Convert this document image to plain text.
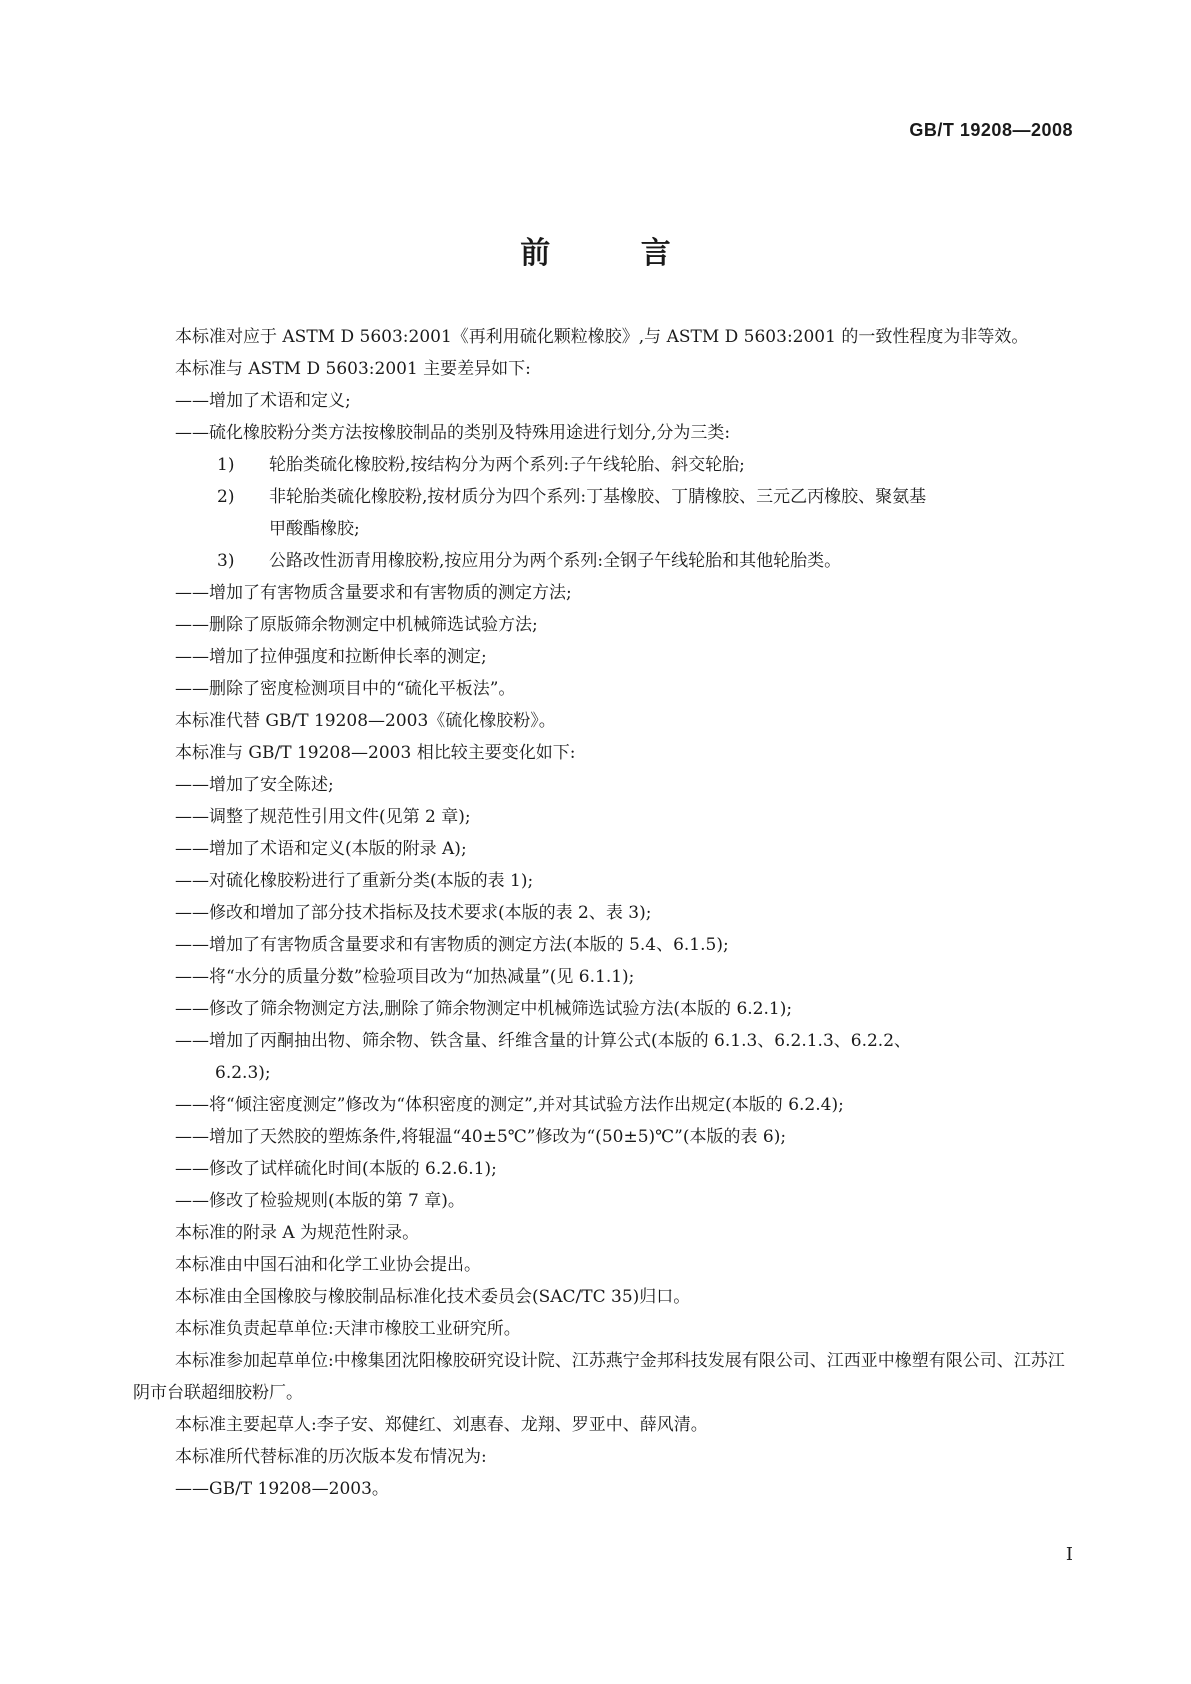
GB/T 19208—2008
前 言

本标准对应于 ASTM D 5603:2001《再利用硫化颗粒橡胶》,与 ASTM D 5603:2001 的一致性程度为非等效。

本标准与 ASTM D 5603:2001 主要差异如下:

——增加了术语和定义;

——硫化橡胶粉分类方法按橡胶制品的类别及特殊用途进行划分,分为三类:

1) 轮胎类硫化橡胶粉,按结构分为两个系列:子午线轮胎、斜交轮胎;

2) 非轮胎类硫化橡胶粉,按材质分为四个系列:丁基橡胶、丁腈橡胶、三元乙丙橡胶、聚氨基
甲酸酯橡胶;

3) 公路改性沥青用橡胶粉,按应用分为两个系列:全钢子午线轮胎和其他轮胎类。

——增加了有害物质含量要求和有害物质的测定方法;

——删除了原版筛余物测定中机械筛选试验方法;

——增加了拉伸强度和拉断伸长率的测定;

——删除了密度检测项目中的“硫化平板法”。

本标准代替 GB/T 19208—2003《硫化橡胶粉》。

本标准与 GB/T 19208—2003 相比较主要变化如下:

——增加了安全陈述;

——调整了规范性引用文件(见第 2 章);

——增加了术语和定义(本版的附录 A);

——对硫化橡胶粉进行了重新分类(本版的表 1);

——修改和增加了部分技术指标及技术要求(本版的表 2、表 3);

——增加了有害物质含量要求和有害物质的测定方法(本版的 5.4、6.1.5);

——将“水分的质量分数”检验项目改为“加热减量”(见 6.1.1);

——修改了筛余物测定方法,删除了筛余物测定中机械筛选试验方法(本版的 6.2.1);

——增加了丙酮抽出物、筛余物、铁含量、纤维含量的计算公式(本版的 6.1.3、6.2.1.3、6.2.2、
6.2.3);

——将“倾注密度测定”修改为“体积密度的测定”,并对其试验方法作出规定(本版的 6.2.4);

——增加了天然胶的塑炼条件,将辊温“40±5℃”修改为“(50±5)℃”(本版的表 6);

——修改了试样硫化时间(本版的 6.2.6.1);

——修改了检验规则(本版的第 7 章)。

本标准的附录 A 为规范性附录。

本标准由中国石油和化学工业协会提出。

本标准由全国橡胶与橡胶制品标准化技术委员会(SAC/TC 35)归口。

本标准负责起草单位:天津市橡胶工业研究所。

本标准参加起草单位:中橡集团沈阳橡胶研究设计院、江苏燕宁金邦科技发展有限公司、江西亚中橡塑有限公司、江苏江阴市台联超细胶粉厂。

本标准主要起草人:李子安、郑健红、刘惠春、龙翔、罗亚中、薛风清。

本标准所代替标准的历次版本发布情况为:

——GB/T 19208—2003。

I
